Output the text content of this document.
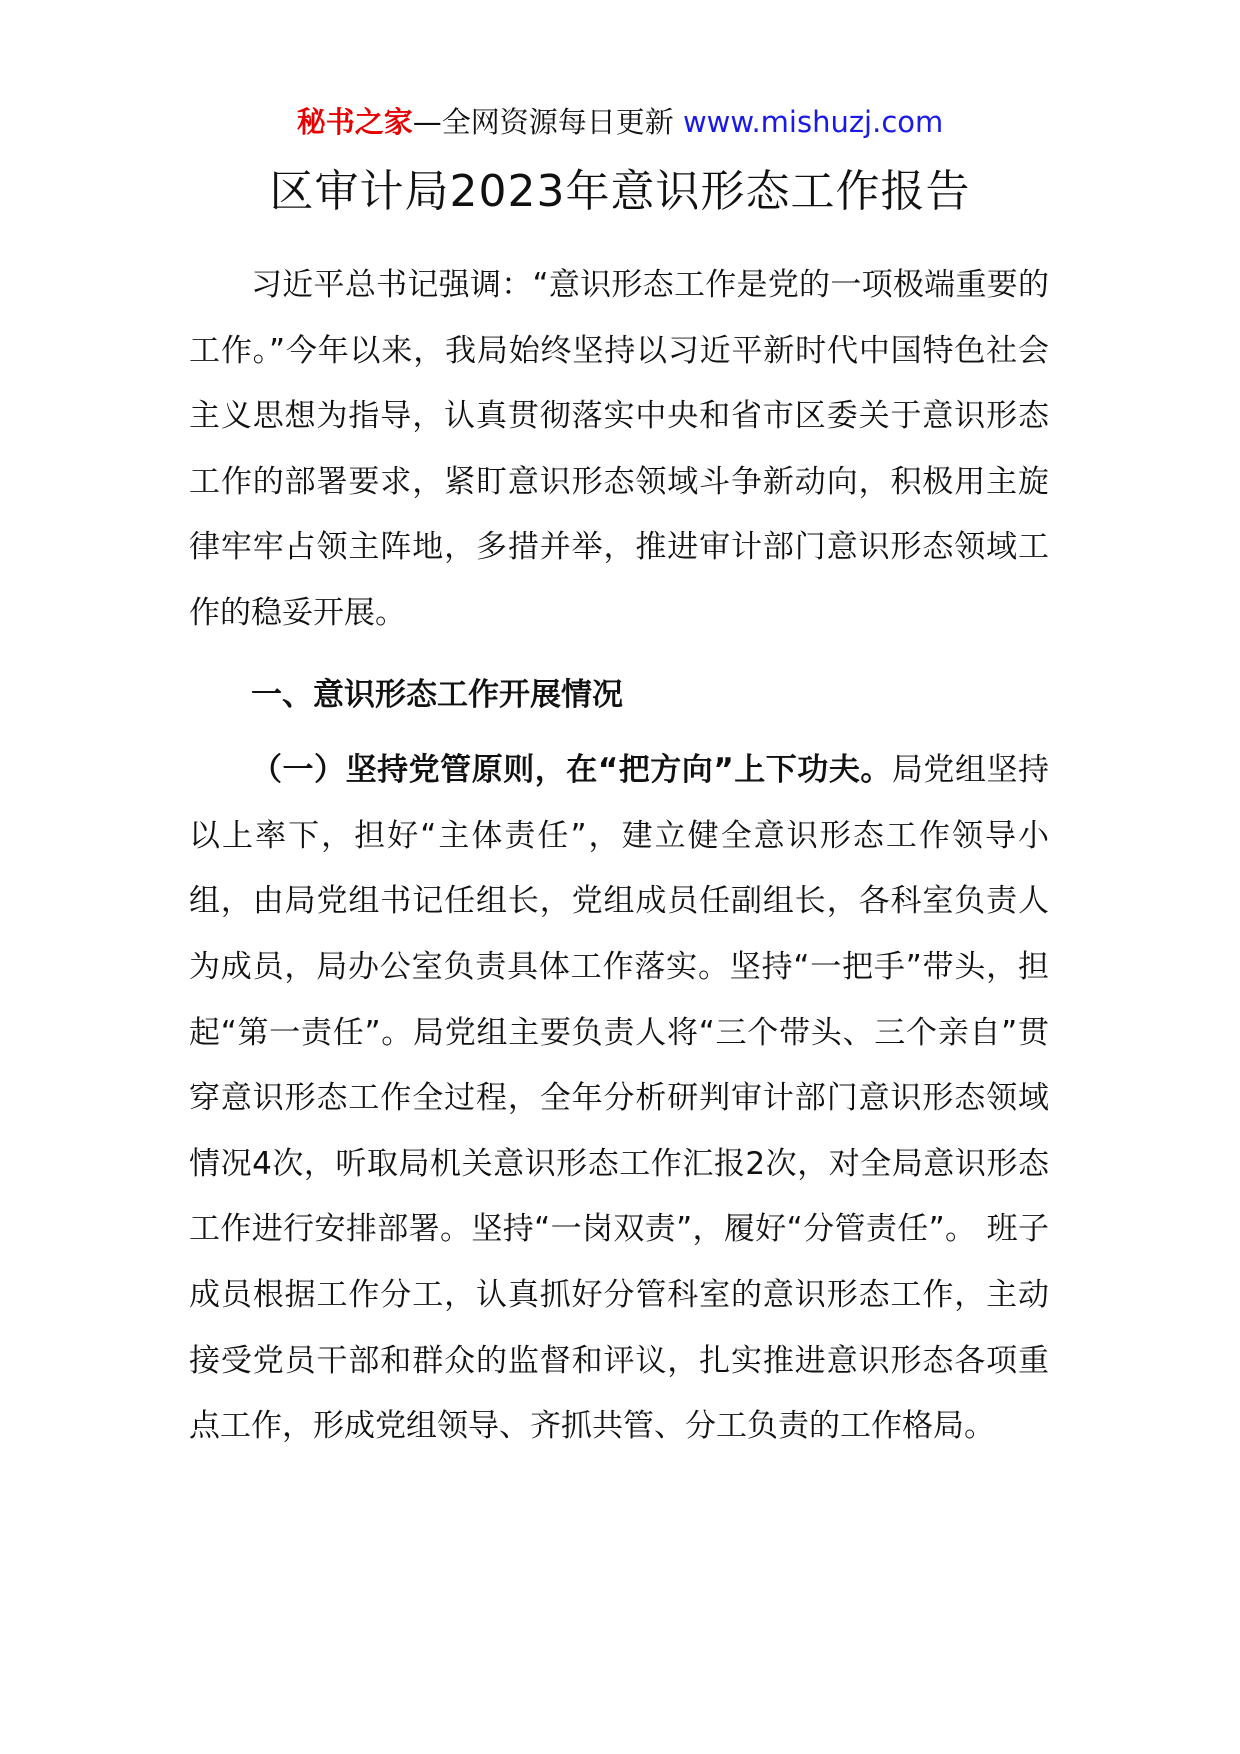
秘书之家—全网资源每日更新 www.mishuzj.com
区审计局2023年意识形态工作报告

习近平总书记强调：“意识形态工作是党的一项极端重要的工作。”今年以来，我局始终坚持以习近平新时代中国特色社会主义思想为指导，认真贯彻落实中央和省市区委关于意识形态工作的部署要求，紧盯意识形态领域斗争新动向，积极用主旋律牢牢占领主阵地，多措并举，推进审计部门意识形态领域工作的稳妥开展。

一、意识形态工作开展情况

（一）坚持党管原则，在“把方向”上下功夫。局党组坚持以上率下，担好“主体责任”，建立健全意识形态工作领导小组，由局党组书记任组长，党组成员任副组长，各科室负责人为成员，局办公室负责具体工作落实。坚持“一把手”带头，担起“第一责任”。局党组主要负责人将“三个带头、三个亲自”贯穿意识形态工作全过程，全年分析研判审计部门意识形态领域情况4次，听取局机关意识形态工作汇报2次，对全局意识形态工作进行安排部署。坚持“一岗双责”，履好“分管责任”。 班子成员根据工作分工，认真抓好分管科室的意识形态工作，主动接受党员干部和群众的监督和评议，扎实推进意识形态各项重点工作，形成党组领导、齐抓共管、分工负责的工作格局。
